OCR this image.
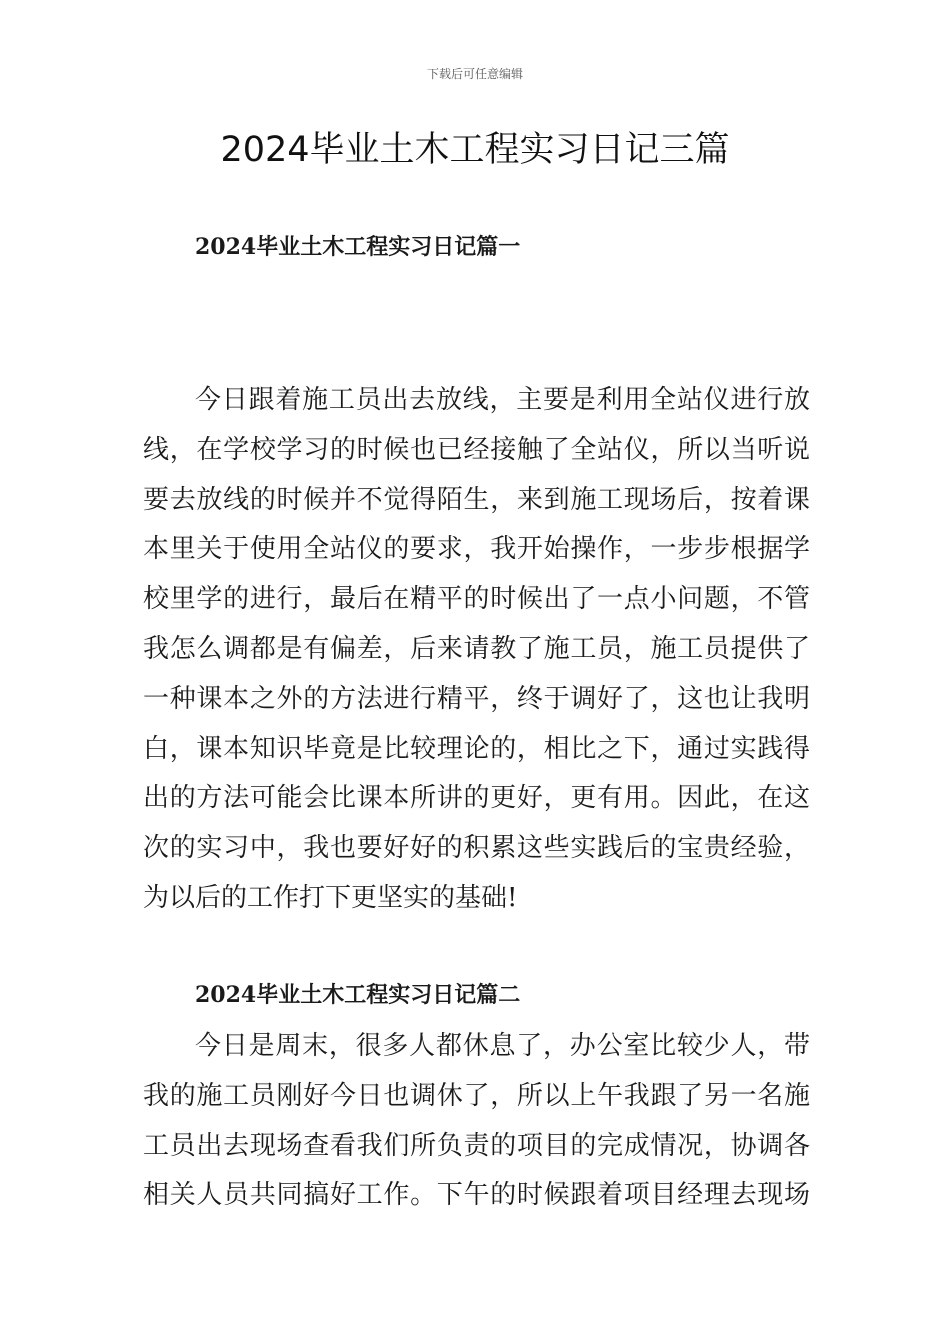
下载后可任意编辑
2024毕业土木工程实习日记三篇
2024毕业土木工程实习日记篇一
今日跟着施工员出去放线，主要是利用全站仪进行放
线，在学校学习的时候也已经接触了全站仪，所以当听说
要去放线的时候并不觉得陌生，来到施工现场后，按着课
本里关于使用全站仪的要求，我开始操作，一步步根据学
校里学的进行，最后在精平的时候出了一点小问题，不管
我怎么调都是有偏差，后来请教了施工员，施工员提供了
一种课本之外的方法进行精平，终于调好了，这也让我明
白，课本知识毕竟是比较理论的，相比之下，通过实践得
出的方法可能会比课本所讲的更好，更有用。因此，在这
次的实习中，我也要好好的积累这些实践后的宝贵经验，
为以后的工作打下更坚实的基础!
2024毕业土木工程实习日记篇二
今日是周末，很多人都休息了，办公室比较少人，带
我的施工员刚好今日也调休了，所以上午我跟了另一名施
工员出去现场查看我们所负责的项目的完成情况，协调各
相关人员共同搞好工作。下午的时候跟着项目经理去现场
